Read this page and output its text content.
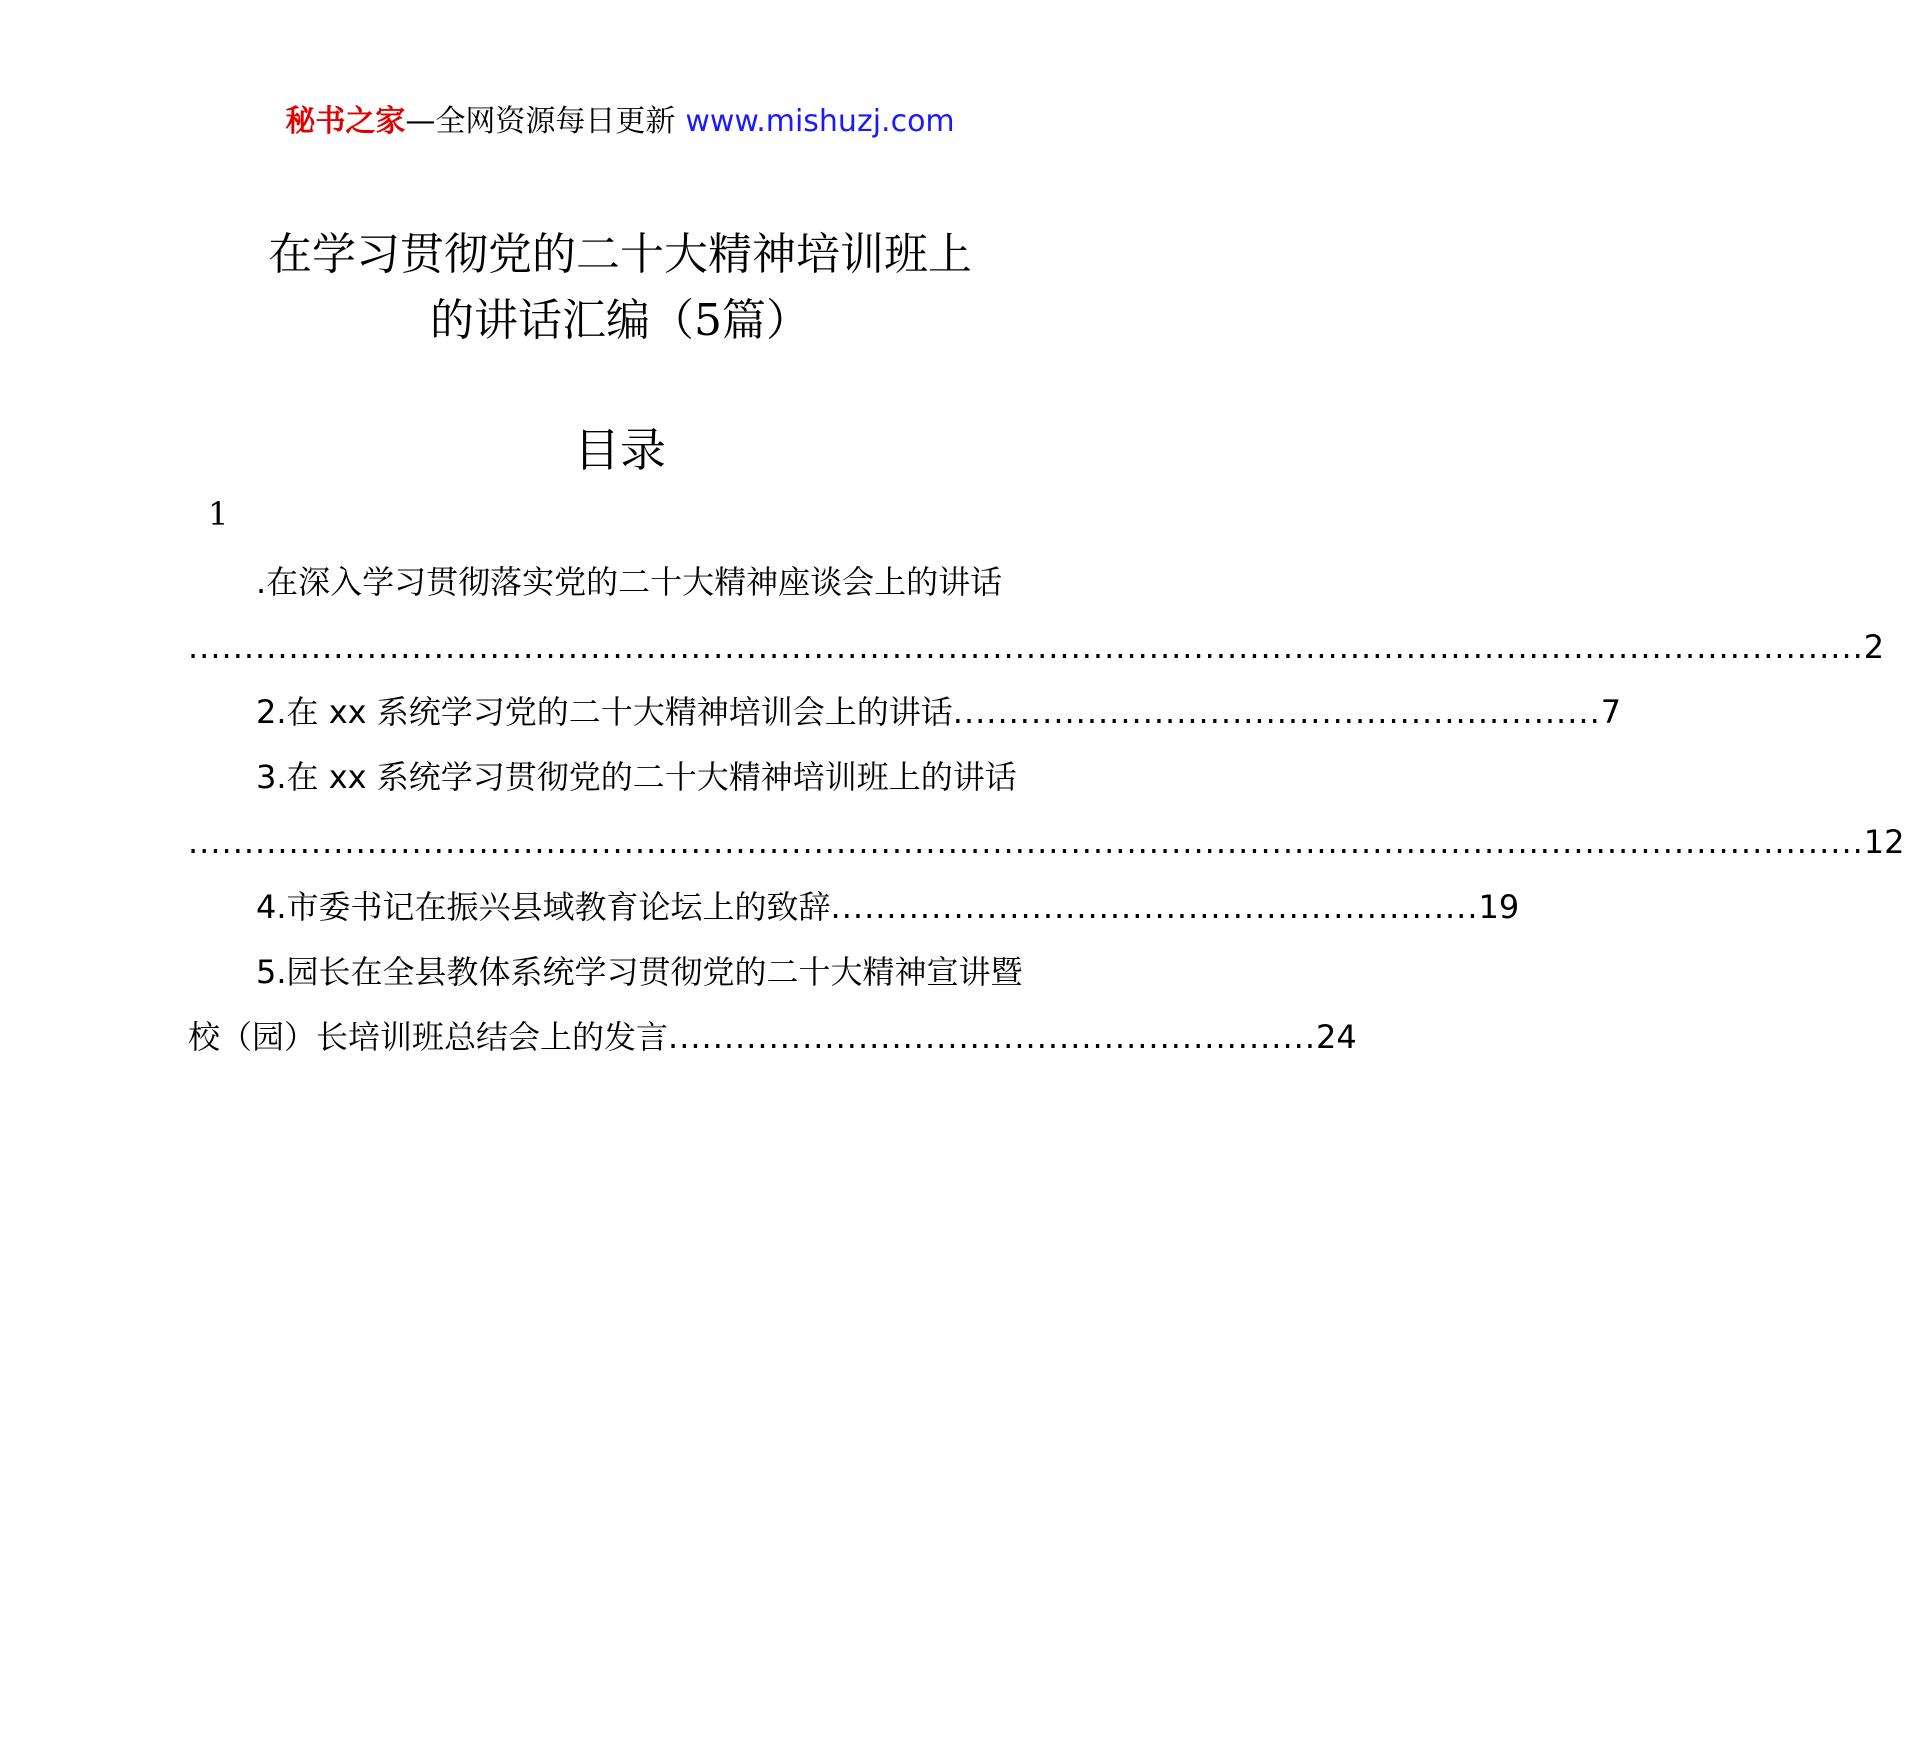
秘书之家—全网资源每日更新 www.mishuzj.com
在学习贯彻党的二十大精神培训班上
的讲话汇编（5篇）
目录
1
.在深入学习贯彻落实党的二十大精神座谈会上的讲话
...................................................................................................................................................... 2
2.在 xx 系统学习党的二十大精神培训会上的讲话 .......................................................... 7
3.在 xx 系统学习贯彻党的二十大精神培训班上的讲话
...................................................................................................................................................... 12
4.市委书记在振兴县域教育论坛上的致辞 .......................................................... 19
5.园长在全县教体系统学习贯彻党的二十大精神宣讲暨
校（园）长培训班总结会上的发言 .......................................................... 24
